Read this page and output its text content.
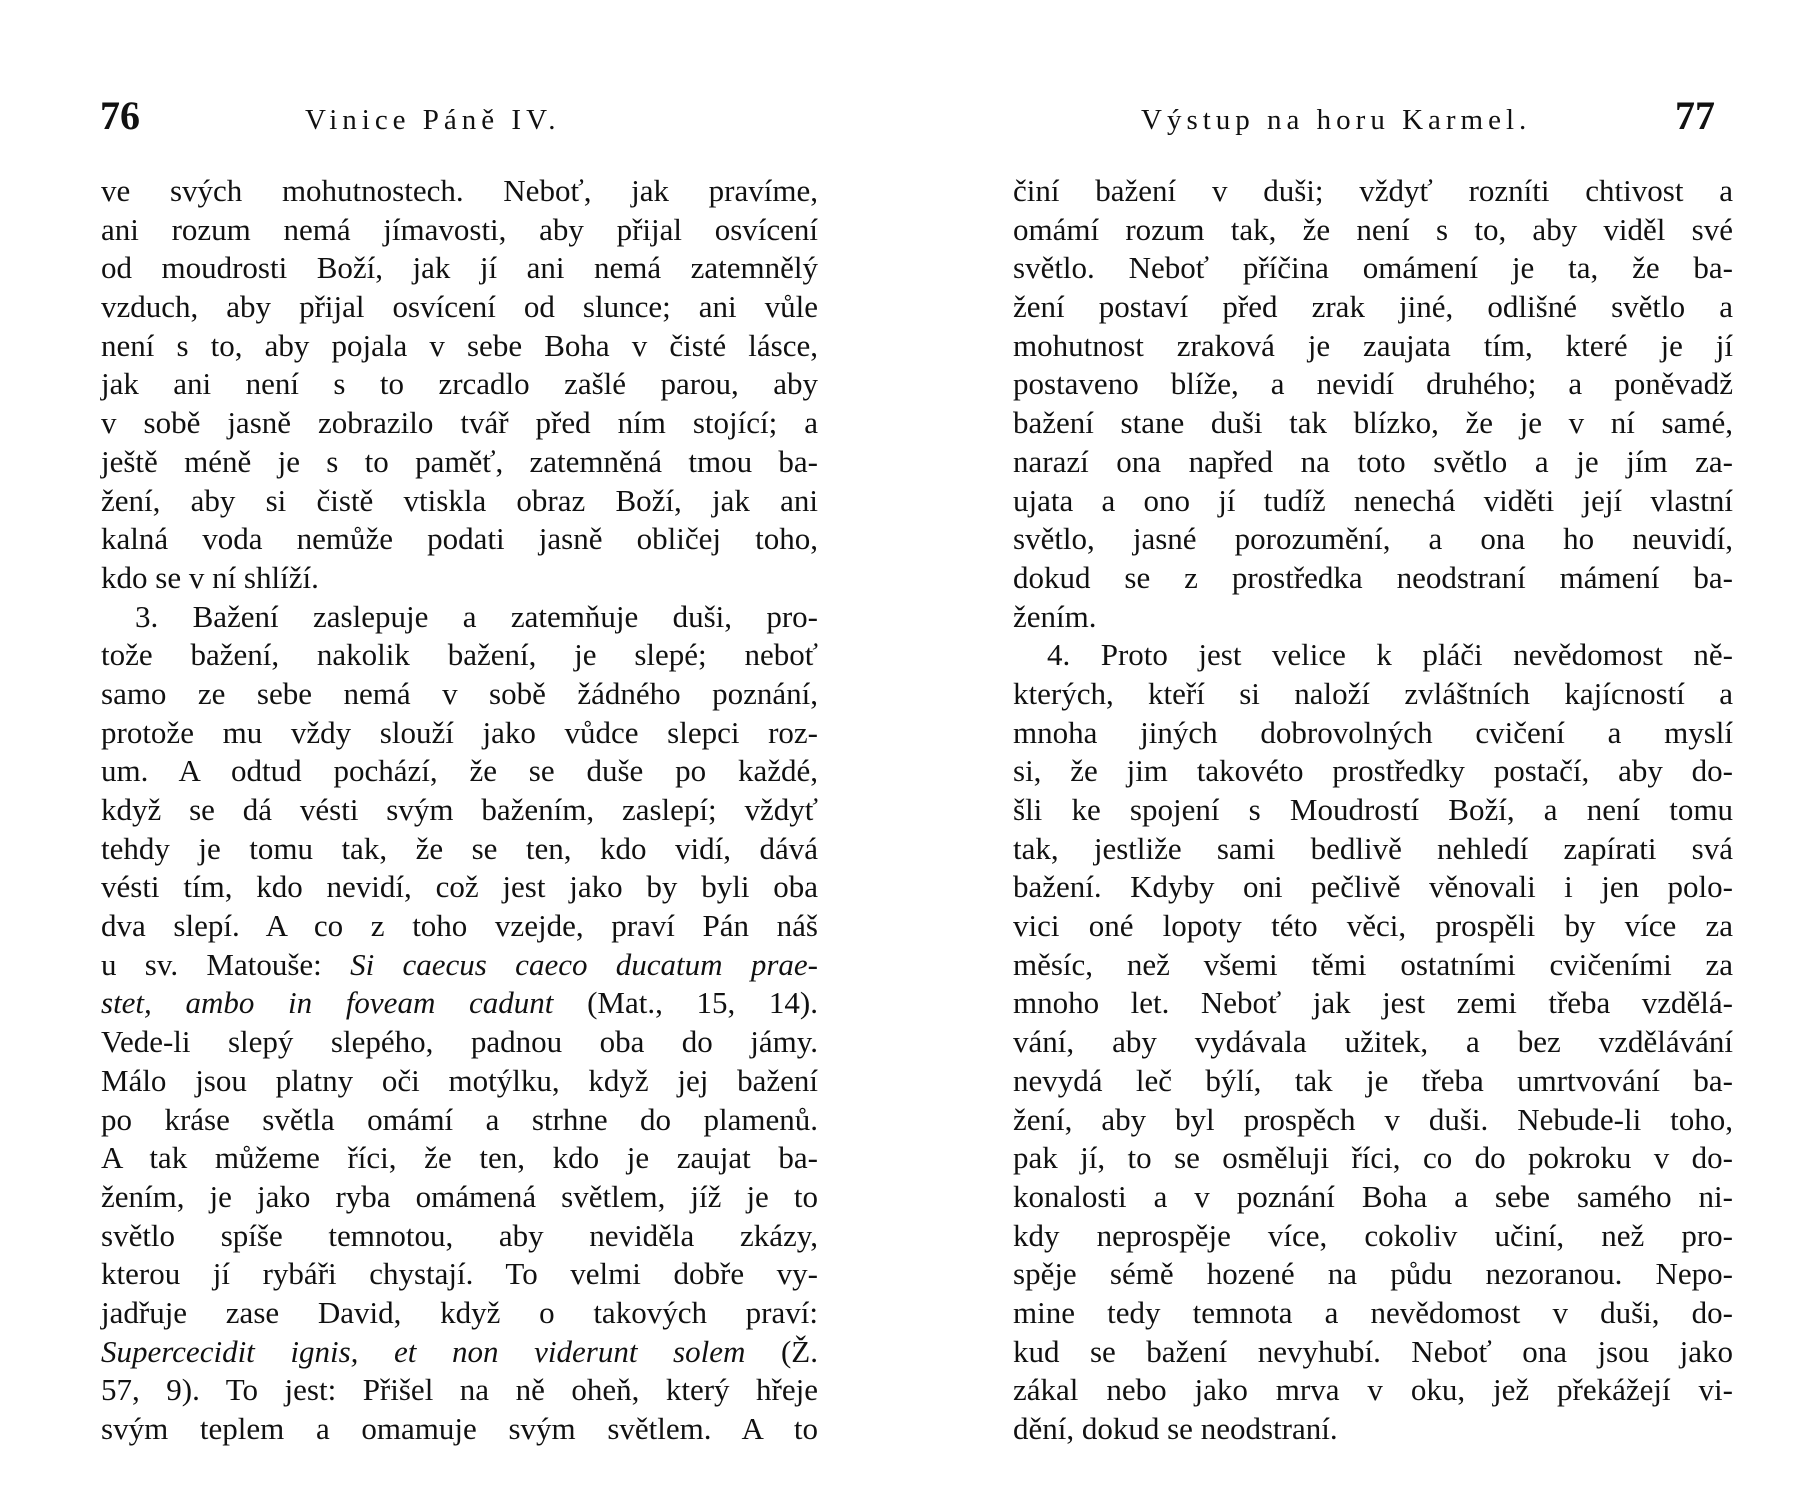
76	Vinice Páně IV.
ve svých mohutnostech. Neboť, jak pravíme,
ani rozum nemá jímavosti, aby přijal osvícení
od moudrosti Boží, jak jí ani nemá zatemnělý
vzduch, aby přijal osvícení od slunce; ani vůle
není s to, aby pojala v sebe Boha v čisté lásce,
jak ani není s to zrcadlo zašlé parou, aby
v sobě jasně zobrazilo tvář před ním stojící; a
ještě méně je s to paměť, zatemněná tmou ba-
žení, aby si čistě vtiskla obraz Boží, jak ani
kalná voda nemůže podati jasně obličej toho,
kdo se v ní shlíží.
3. Bažení zaslepuje a zatemňuje duši, pro-
tože bažení, nakolik bažení, je slepé; neboť
samo ze sebe nemá v sobě žádného poznání,
protože mu vždy slouží jako vůdce slepci roz-
um. A odtud pochází, že se duše po každé,
když se dá vésti svým bažením, zaslepí; vždyť
tehdy je tomu tak, že se ten, kdo vidí, dává
vésti tím, kdo nevidí, což jest jako by byli oba
dva slepí. A co z toho vzejde, praví Pán náš
u sv. Matouše: Si caecus caeco ducatum prae-
stet, ambo in foveam cadunt (Mat., 15, 14).
Vede-li slepý slepého, padnou oba do jámy.
Málo jsou platny oči motýlku, když jej bažení
po kráse světla omámí a strhne do plamenů.
A tak můžeme říci, že ten, kdo je zaujat ba-
žením, je jako ryba omámená světlem, jíž je to
světlo spíše temnotou, aby neviděla zkázy,
kterou jí rybáři chystají. To velmi dobře vy-
jadřuje zase David, když o takových praví:
Supercecidit ignis, et non viderunt solem (Ž.
57, 9). To jest: Přišel na ně oheň, který hřeje
svým teplem a omamuje svým světlem. A to
Výstup na horu Karmel.	77
činí bažení v duši; vždyť rozníti chtivost a
omámí rozum tak, že není s to, aby viděl své
světlo. Neboť příčina omámení je ta, že ba-
žení postaví před zrak jiné, odlišné světlo a
mohutnost zraková je zaujata tím, které je jí
postaveno blíže, a nevidí druhého; a poněvadž
bažení stane duši tak blízko, že je v ní samé,
narazí ona napřed na toto světlo a je jím za-
ujata a ono jí tudíž nenechá viděti její vlastní
světlo, jasné porozumění, a ona ho neuvidí,
dokud se z prostředka neodstraní mámení ba-
žením.
4. Proto jest velice k pláči nevědomost ně-
kterých, kteří si naloží zvláštních kajícností a
mnoha jiných dobrovolných cvičení a myslí
si, že jim takovéto prostředky postačí, aby do-
šli ke spojení s Moudrostí Boží, a není tomu
tak, jestliže sami bedlivě nehledí zapírati svá
bažení. Kdyby oni pečlivě věnovali i jen polo-
vici oné lopoty této věci, prospěli by více za
měsíc, než všemi těmi ostatními cvičeními za
mnoho let. Neboť jak jest zemi třeba vzdělá-
vání, aby vydávala užitek, a bez vzdělávání
nevydá leč býlí, tak je třeba umrtvování ba-
žení, aby byl prospěch v duši. Nebude-li toho,
pak jí, to se osměluji říci, co do pokroku v do-
konalosti a v poznání Boha a sebe samého ni-
kdy neprospěje více, cokoliv učiní, než pro-
spěje sémě hozené na půdu nezoranou. Nepo-
mine tedy temnota a nevědomost v duši, do-
kud se bažení nevyhubí. Neboť ona jsou jako
zákal nebo jako mrva v oku, jež překážejí vi-
dění, dokud se neodstraní.
